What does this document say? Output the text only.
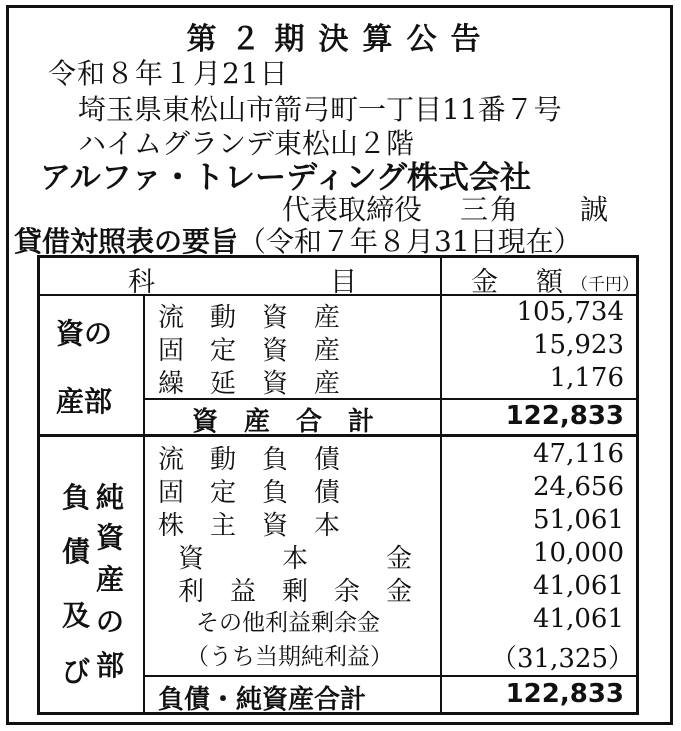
第２期決算公告
令和８年１月21日
埼玉県東松山市箭弓町一丁目11番７号
ハイムグランデ東松山２階
アルファ・トレーディング株式会社
代表取締役 三角　　誠
貸借対照表の要旨（令和７年８月31日現在）
科	目	金 額 （千円）
資の
産部
流　動　資　産	105,734
固　定　資　産	15,923
繰　延　資　産	1,176
資　産　合　計	122,833
負
債
及
び
純
資
産
の
部
流　動　負　債	47,116
固　定　負　債	24,656
株　主　資　本	51,061
資　　　本　　　金	10,000
利　益　剰　余　金	41,061
その他利益剰余金	41,061
（うち当期純利益）	（31,325）
負債・純資産合計	122,833
